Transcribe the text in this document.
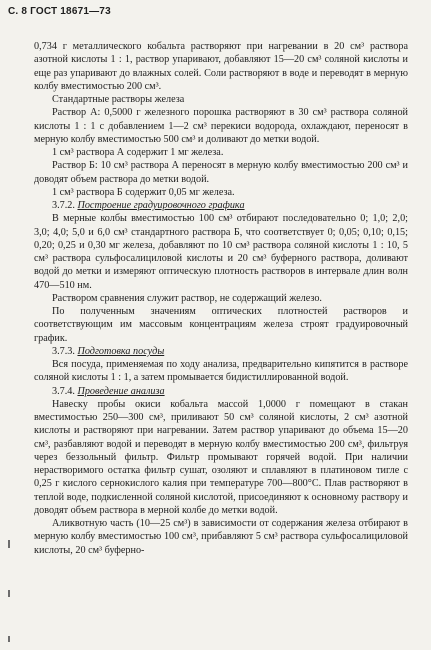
С. 8 ГОСТ 18671—73

0,734 г металлического кобальта растворяют при нагревании в 20 см³ раствора азотной кислоты 1 : 1, раствор упаривают, добавляют 15—20 см³ соляной кислоты и еще раз упаривают до влажных солей. Соли растворяют в воде и переводят в мерную колбу вместимостью 200 см³.

Стандартные растворы железа

Раствор А: 0,5000 г железного порошка растворяют в 30 см³ раствора соляной кислоты 1 : 1 с добавлением 1—2 см³ перекиси водорода, охлаждают, переносят в мерную колбу вместимостью 500 см³ и доливают до метки водой.

1 см³ раствора А содержит 1 мг железа.

Раствор Б: 10 см³ раствора А переносят в мерную колбу вместимостью 200 см³ и доводят объем раствора до метки водой.

1 см³ раствора Б содержит 0,05 мг железа.

3.7.2. Построение градуировочного графика

В мерные колбы вместимостью 100 см³ отбирают последовательно 0; 1,0; 2,0; 3,0; 4,0; 5,0 и 6,0 см³ стандартного раствора Б, что соответствует 0; 0,05; 0,10; 0,15; 0,20; 0,25 и 0,30 мг железа, добавляют по 10 см³ раствора соляной кислоты 1 : 10, 5 см³ раствора сульфосалициловой кислоты и 20 см³ буферного раствора, доливают водой до метки и измеряют оптическую плотность растворов в интервале длин волн 470—510 нм.

Раствором сравнения служит раствор, не содержащий железо.

По полученным значениям оптических плотностей растворов и соответствующим им массовым концентрациям железа строят градуировочный график.

3.7.3. Подготовка посуды

Вся посуда, применяемая по ходу анализа, предварительно кипятится в растворе соляной кислоты 1 : 1, а затем промывается бидистиллированной водой.

3.7.4. Проведение анализа

Навеску пробы окиси кобальта массой 1,0000 г помещают в стакан вместимостью 250—300 см³, приливают 50 см³ соляной кислоты, 2 см³ азотной кислоты и растворяют при нагревании. Затем раствор упаривают до объема 15—20 см³, разбавляют водой и переводят в мерную колбу вместимостью 200 см³, фильтруя через беззольный фильтр. Фильтр промывают горячей водой. При наличии нерастворимого остатка фильтр сушат, озоляют и сплавляют в платиновом тигле с 0,25 г кислого сернокислого калия при температуре 700—800°С. Плав растворяют в теплой воде, подкисленной соляной кислотой, присоединяют к основному раствору и доводят объем раствора в мерной колбе до метки водой.

Аликвотную часть (10—25 см³) в зависимости от содержания железа отбирают в мерную колбу вместимостью 100 см³, прибавляют 5 см³ раствора сульфосалициловой кислоты, 20 см³ буферно-
